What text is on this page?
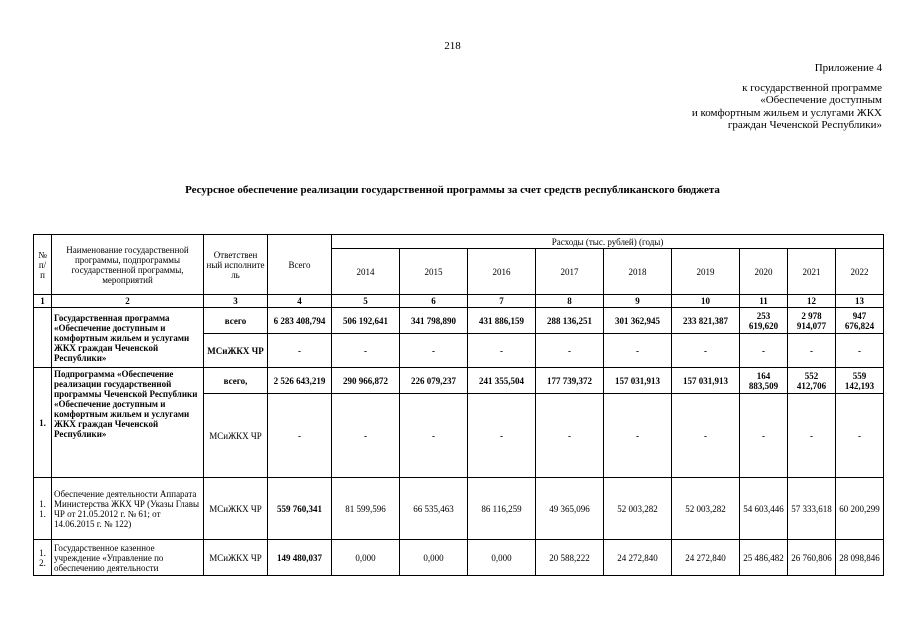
218
Приложение 4
к государственной программе
«Обеспечение доступным
и комфортным жильем и услугами ЖКХ
граждан Чеченской Республики»
Ресурсное обеспечение реализации государственной программы за счет средств республиканского бюджета
№ п/ п	Наименование государственной программы, подпрограммы государственной программы, мероприятий	Ответствен ный исполните ль	Всего	Расходы (тыс. рублей) (годы)								
				2014	2015	2016	2017	2018	2019	2020	2021	2022
1	2	3	4	5	6	7	8	9	10	11	12	13
	Государственная программа «Обеспечение доступным и комфортным жильем и услугами ЖКХ граждан Чеченской Республики»	всего	6 283 408,794	506 192,641	341 798,890	431 886,159	288 136,251	301 362,945	233 821,387	253 619,620	2 978 914,077	947 676,824
		МСиЖКХ ЧР	-	-	-	-	-	-	-	-	-	-
1.	Подпрограмма «Обеспечение реализации государственной программы Чеченской Республики «Обеспечение доступным и комфортным жильем и услугами ЖКХ граждан Чеченской Республики»	всего,	2 526 643,219	290 966,872	226 079,237	241 355,504	177 739,372	157 031,913	157 031,913	164 883,509	552 412,706	559 142,193
		МСиЖКХ ЧР	-	-	-	-	-	-	-	-	-	-
1. 1.	Обеспечение деятельности Аппарата Министерства ЖКХ ЧР (Указы Главы ЧР от 21.05.2012 г. № 61; от 14.06.2015 г. № 122)	МСиЖКХ ЧР	559 760,341	81 599,596	66 535,463	86 116,259	49 365,096	52 003,282	52 003,282	54 603,446	57 333,618	60 200,299
1. 2.	Государственное казенное учреждение «Управление по обеспечению деятельности	МСиЖКХ ЧР	149 480,037	0,000	0,000	0,000	20 588,222	24 272,840	24 272,840	25 486,482	26 760,806	28 098,846
